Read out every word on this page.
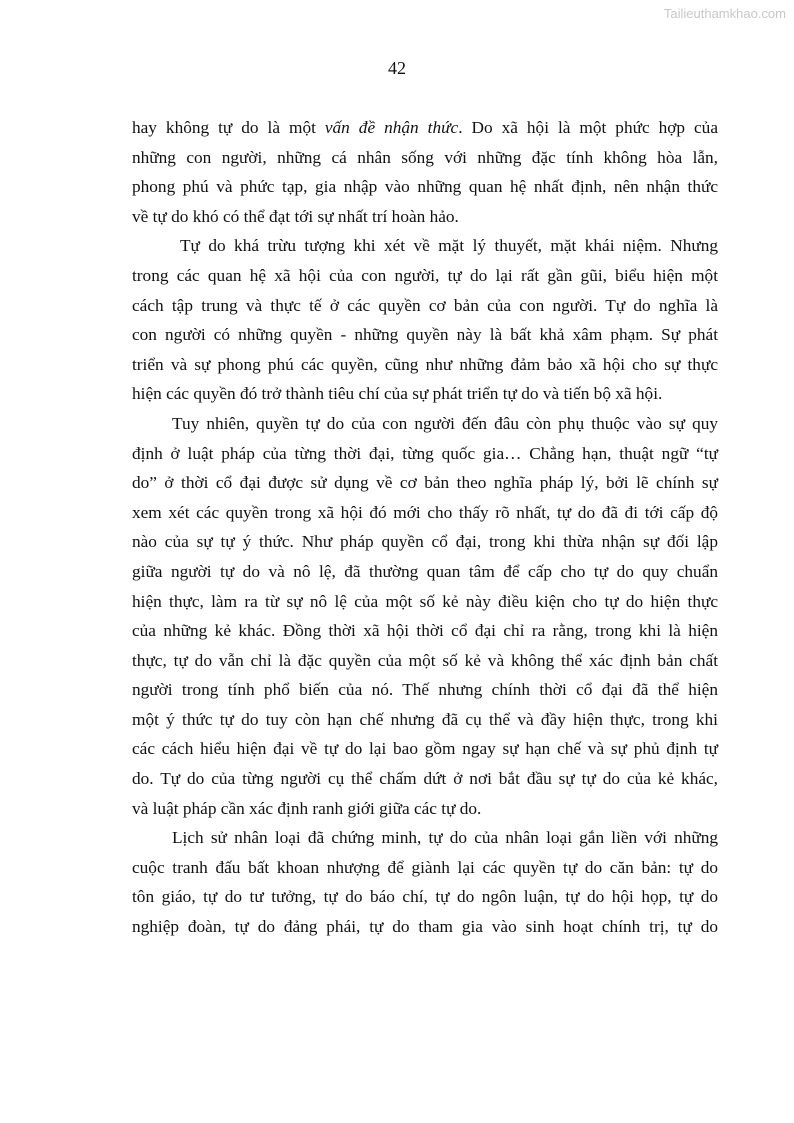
Tailieuthamkhao.com
42
hay không tự do là một vấn đề nhận thức. Do xã hội là một phức hợp của
những con người, những cá nhân sống với những đặc tính không hòa lẫn,
phong phú và phức tạp, gia nhập vào những quan hệ nhất định, nên nhận thức
về tự do khó có thể đạt tới sự nhất trí hoàn hảo.
Tự do khá trừu tượng khi xét về mặt lý thuyết, mặt khái niệm. Nhưng
trong các quan hệ xã hội của con người, tự do lại rất gần gũi, biểu hiện một
cách tập trung và thực tế ở các quyền cơ bản của con người. Tự do nghĩa là
con người có những quyền - những quyền này là bất khả xâm phạm. Sự phát
triển và sự phong phú các quyền, cũng như những đảm bảo xã hội cho sự thực
hiện các quyền đó trở thành tiêu chí của sự phát triển tự do và tiến bộ xã hội.
Tuy nhiên, quyền tự do của con người đến đâu còn phụ thuộc vào sự quy
định ở luật pháp của từng thời đại, từng quốc gia… Chẳng hạn, thuật ngữ “tự
do” ở thời cổ đại được sử dụng về cơ bản theo nghĩa pháp lý, bởi lẽ chính sự
xem xét các quyền trong xã hội đó mới cho thấy rõ nhất, tự do đã đi tới cấp độ
nào của sự tự ý thức. Như pháp quyền cổ đại, trong khi thừa nhận sự đối lập
giữa người tự do và nô lệ, đã thường quan tâm để cấp cho tự do quy chuẩn
hiện thực, làm ra từ sự nô lệ của một số kẻ này điều kiện cho tự do hiện thực
của những kẻ khác. Đồng thời xã hội thời cổ đại chỉ ra rằng, trong khi là hiện
thực, tự do vẫn chỉ là đặc quyền của một số kẻ và không thể xác định bản chất
người trong tính phổ biến của nó. Thế nhưng chính thời cổ đại đã thể hiện
một ý thức tự do tuy còn hạn chế nhưng đã cụ thể và đầy hiện thực, trong khi
các cách hiểu hiện đại về tự do lại bao gồm ngay sự hạn chế và sự phủ định tự
do. Tự do của từng người cụ thể chấm dứt ở nơi bắt đầu sự tự do của kẻ khác,
và luật pháp cần xác định ranh giới giữa các tự do.
Lịch sử nhân loại đã chứng minh, tự do của nhân loại gắn liền với những
cuộc tranh đấu bất khoan nhượng để giành lại các quyền tự do căn bản: tự do
tôn giáo, tự do tư tưởng, tự do báo chí, tự do ngôn luận, tự do hội họp, tự do
nghiệp đoàn, tự do đảng phái, tự do tham gia vào sinh hoạt chính trị, tự do
